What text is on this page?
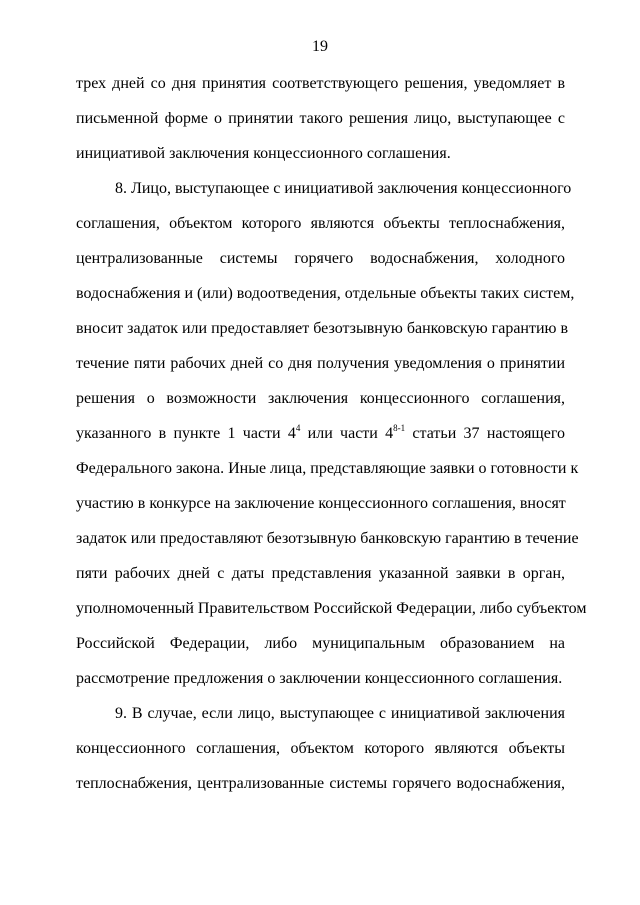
19
трех дней со дня принятия соответствующего решения, уведомляет в
письменной форме о принятии такого решения лицо, выступающее с
инициативой заключения концессионного соглашения.
8. Лицо, выступающее с инициативой заключения концессионного
соглашения, объектом которого являются объекты теплоснабжения,
централизованные системы горячего водоснабжения, холодного
водоснабжения и (или) водоотведения, отдельные объекты таких систем,
вносит задаток или предоставляет безотзывную банковскую гарантию в
течение пяти рабочих дней со дня получения уведомления о принятии
решения о возможности заключения концессионного соглашения,
указанного в пункте 1 части $4^4$ или части 4$^{8-1}$ статьи 37 настоящего
Федерального закона. Иные лица, представляющие заявки о готовности к
участию в конкурсе на заключение концессионного соглашения, вносят
задаток или предоставляют безотзывную банковскую гарантию в течение
пяти рабочих дней с даты представления указанной заявки в орган,
уполномоченный Правительством Российской Федерации, либо субъектом
Российской Федерации, либо муниципальным образованием на
рассмотрение предложения о заключении концессионного соглашения.
9. В случае, если лицо, выступающее с инициативой заключения
концессионного соглашения, объектом которого являются объекты
теплоснабжения, централизованные системы горячего водоснабжения,
